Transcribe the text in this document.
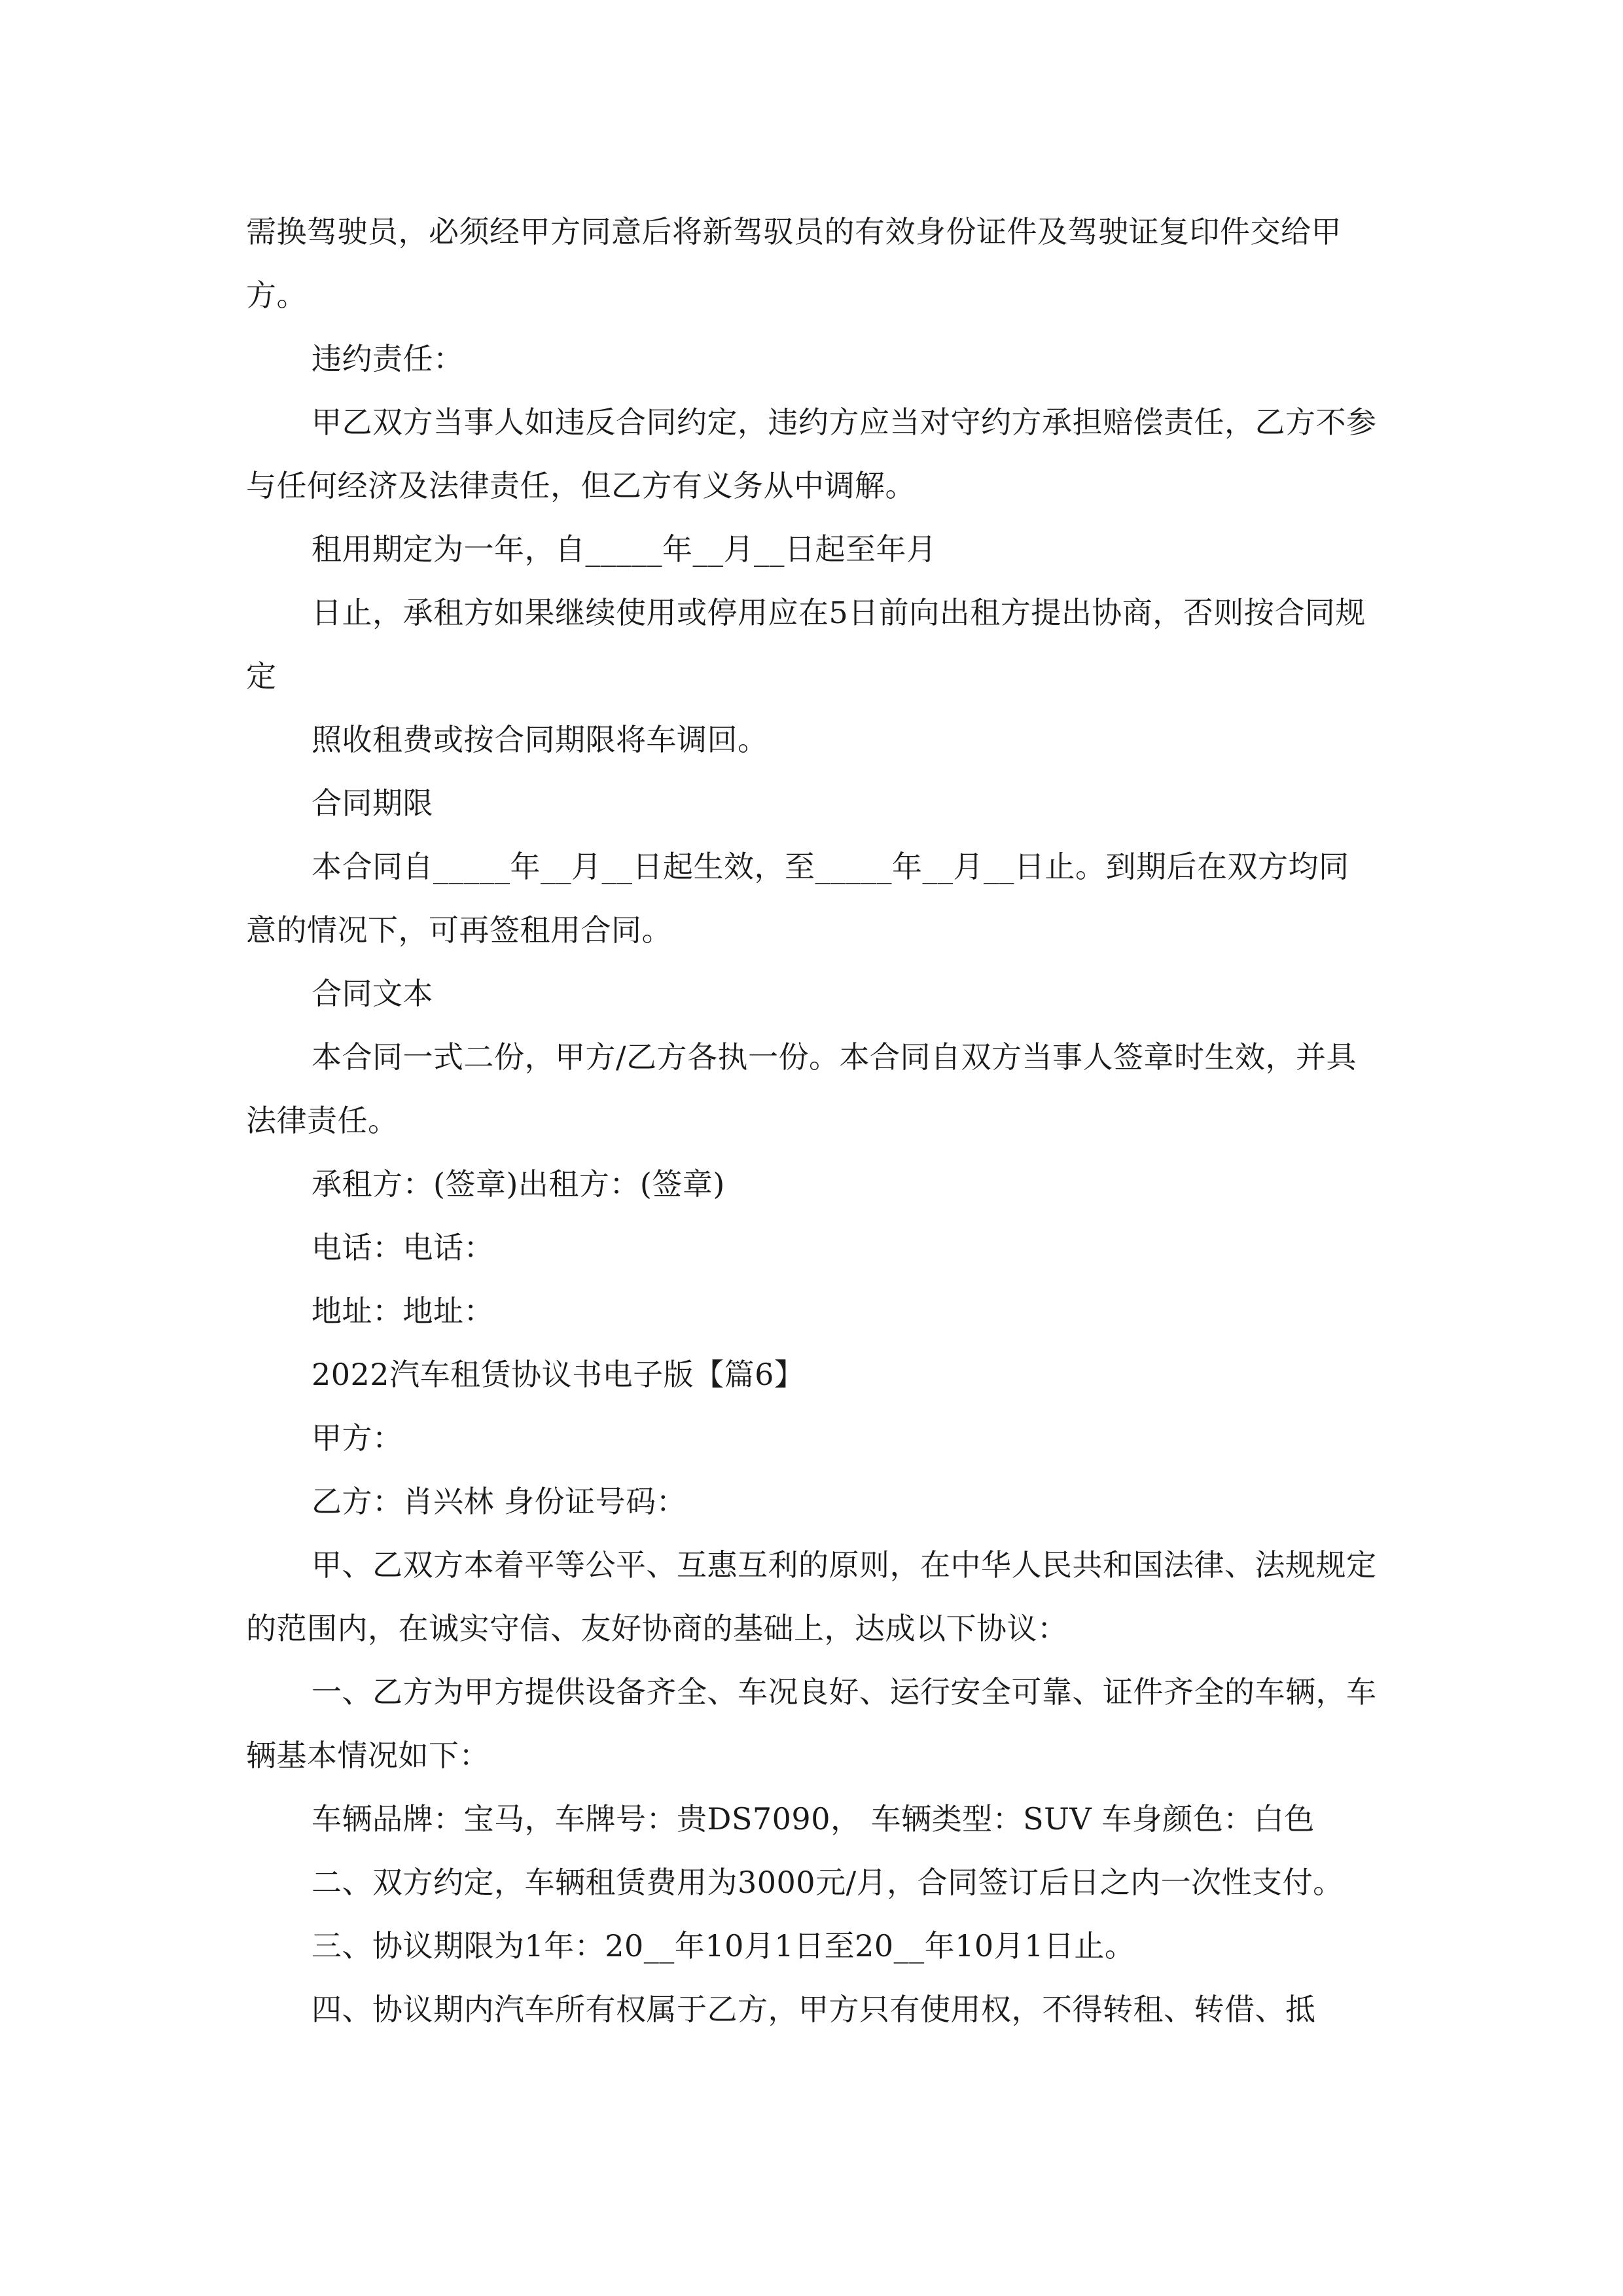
需换驾驶员，必须经甲方同意后将新驾驭员的有效身份证件及驾驶证复印件交给甲方。

违约责任：

甲乙双方当事人如违反合同约定，违约方应当对守约方承担赔偿责任，乙方不参与任何经济及法律责任，但乙方有义务从中调解。

租用期定为一年，自_____年__月__日起至年月

日止，承租方如果继续使用或停用应在5日前向出租方提出协商，否则按合同规定

照收租费或按合同期限将车调回。

合同期限

本合同自_____年__月__日起生效，至_____年__月__日止。到期后在双方均同意的情况下，可再签租用合同。

合同文本

本合同一式二份，甲方/乙方各执一份。本合同自双方当事人签章时生效，并具法律责任。

承租方：(签章)出租方：(签章)

电话：电话：

地址：地址：

2022汽车租赁协议书电子版【篇6】

甲方：

乙方：肖兴林 身份证号码：

甲、乙双方本着平等公平、互惠互利的原则，在中华人民共和国法律、法规规定的范围内，在诚实守信、友好协商的基础上，达成以下协议：

一、乙方为甲方提供设备齐全、车况良好、运行安全可靠、证件齐全的车辆，车辆基本情况如下：

车辆品牌：宝马，车牌号：贵DS7090， 车辆类型：SUV 车身颜色：白色

二、双方约定，车辆租赁费用为3000元/月，合同签订后日之内一次性支付。

三、协议期限为1年：20__年10月1日至20__年10月1日止。

四、协议期内汽车所有权属于乙方，甲方只有使用权，不得转租、转借、抵
